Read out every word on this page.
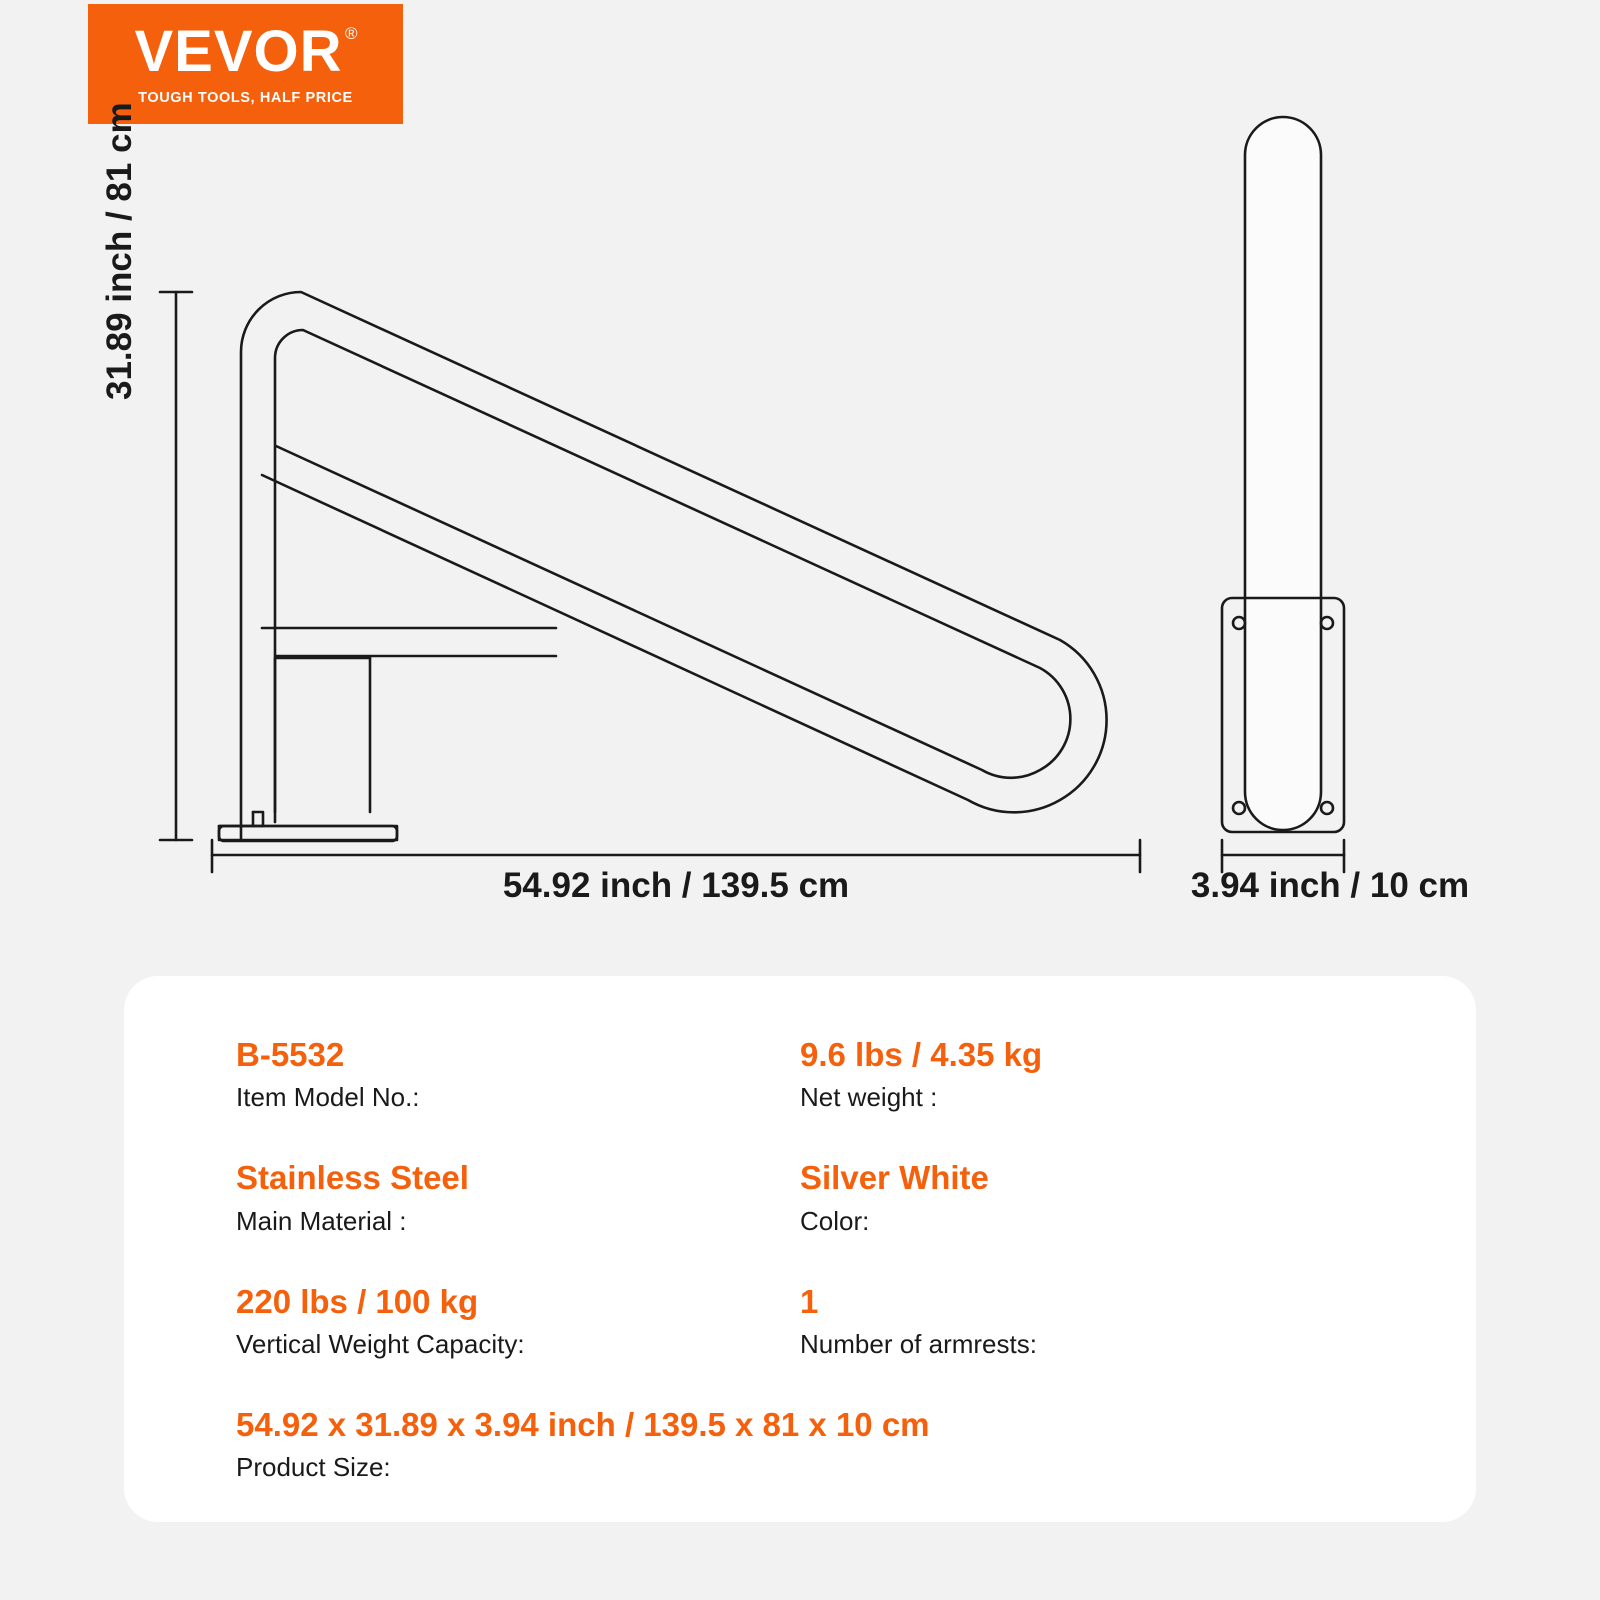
VEVOR ®
TOUGH TOOLS, HALF PRICE
31.89 inch / 81 cm
54.92 inch / 139.5 cm	3.94 inch / 10 cm
B-5532
Item Model No.:
9.6 lbs / 4.35 kg
Net weight :
Stainless Steel
Main Material :
Silver White
Color:
220 lbs / 100 kg
Vertical Weight Capacity:
1
Number of armrests:
54.92 x 31.89 x 3.94 inch / 139.5 x 81 x 10 cm
Product Size:
